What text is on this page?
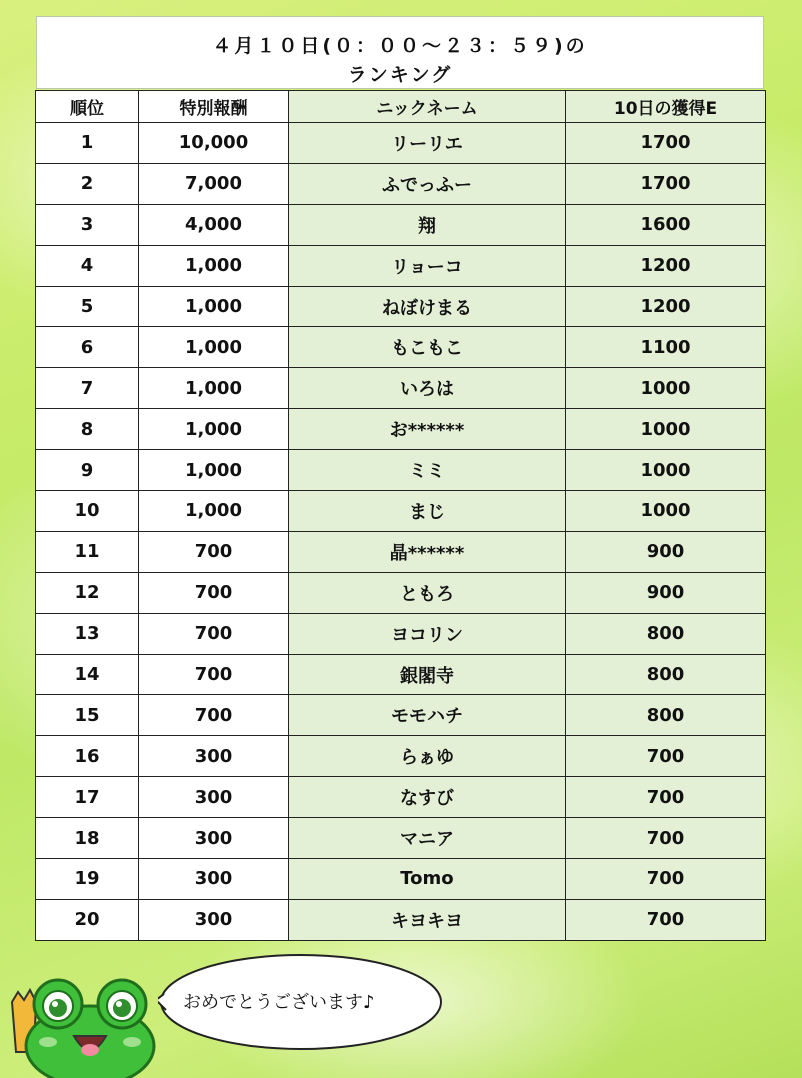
４月１０日(０：００〜２３：５９)の
ランキング
順位	特別報酬	ニックネーム	10日の獲得E
1	10,000	リーリエ	1700
2	7,000	ふでっふー	1700
3	4,000	翔	1600
4	1,000	リョーコ	1200
5	1,000	ねぼけまる	1200
6	1,000	もこもこ	1100
7	1,000	いろは	1000
8	1,000	お******	1000
9	1,000	ミミ	1000
10	1,000	まじ	1000
11	700	晶******	900
12	700	ともろ	900
13	700	ヨコリン	800
14	700	銀閣寺	800
15	700	モモハチ	800
16	300	らぁゆ	700
17	300	なすび	700
18	300	マニア	700
19	300	Tomo	700
20	300	キヨキヨ	700
おめでとうございます♪
